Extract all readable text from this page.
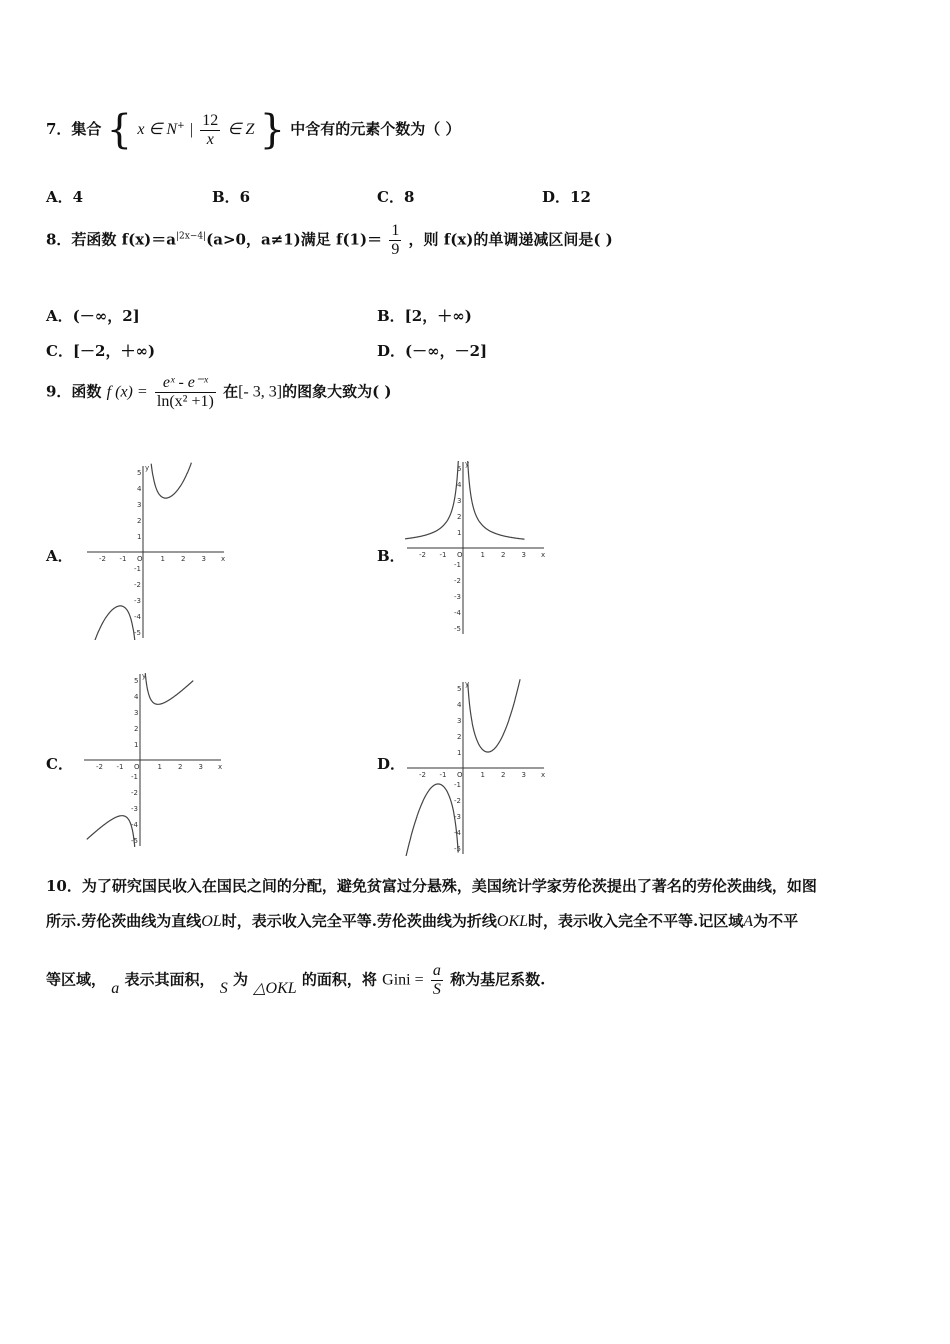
7．集合 { x ∈ N+ | $\frac{12}{x}$ ∈ Z } 中含有的元素个数为（ ）
A．4	B．6	C．8	D．12
8．若函数 $f(x)=a^{|2x-4|}(a>0$，a≠1)满足 $f(1)= \frac{1}{9}$ ，则 f(x)的单调递减区间是( )
A．(－∞，2]	B．[2，＋∞)
C．[－2，＋∞)	D．(－∞，－2]
9．函数 f $(x) = \frac{\text{eˣ - e⁻ˣ}}{\text{ln(x² +1)}}$ 在[- 3, 3]的图象大致为( )
A．	B．
C．	D．
-2 -1 O	1 2 3 x
5
4
3
2
1
-1
-2
-3
-4
-5
y
-2 -1 O	1 2 3 x
5
4
3
2
1
-1
-2
-3
-4
-5
y
-2 -1 O	1 2 3 x
5
4
3
2
1
-1
-2
-3
-4
-5
y
-2 -1 O	1 2 3 x
5
4
3
2
1
-1
-2
-3
-4
-5
y
10．为了研究国民收入在国民之间的分配，避免贫富过分悬殊，美国统计学家劳伦茨提出了著名的劳伦茨曲线，如图
所示.劳伦茨曲线为直线OL时，表示收入完全平等.劳伦茨曲线为折线OKL时，表示收入完全不平等.记区域A为不平
等区域， a 表示其面积， S 为 △OKL 的面积，将 Gini = $\frac{a}{S}$ 称为基尼系数.
